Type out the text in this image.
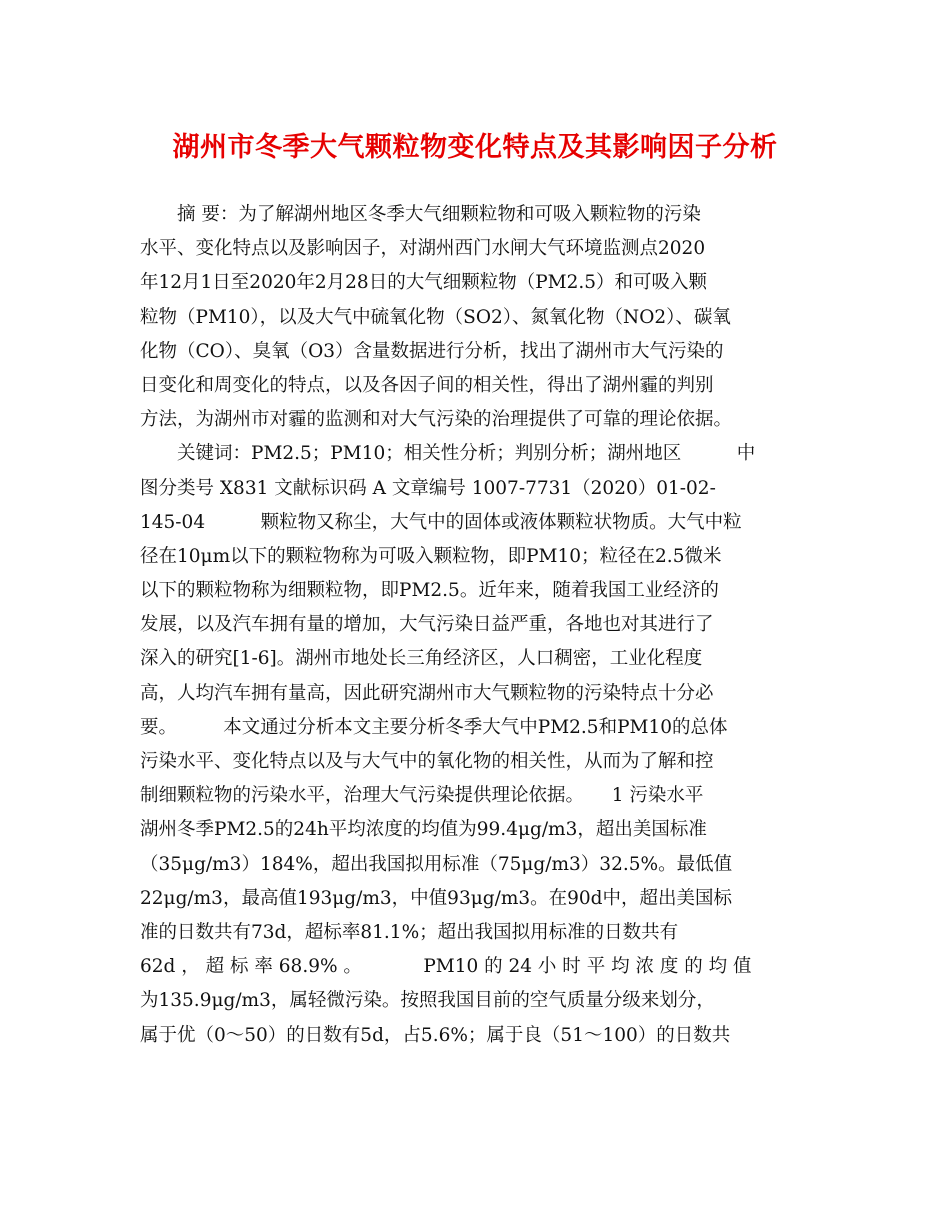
湖州市冬季大气颗粒物变化特点及其影响因子分析
　　摘 要：为了解湖州地区冬季大气细颗粒物和可吸入颗粒物的污染
水平、变化特点以及影响因子，对湖州西门水闸大气环境监测点2020
年12月1日至2020年2月28日的大气细颗粒物（PM2.5）和可吸入颗
粒物（PM10），以及大气中硫氧化物（SO2）、氮氧化物（NO2）、碳氧
化物（CO）、臭氧（O3）含量数据进行分析，找出了湖州市大气污染的
日变化和周变化的特点，以及各因子间的相关性，得出了湖州霾的判别
方法，为湖州市对霾的监测和对大气污染的治理提供了可靠的理论依据。
　　关键词：PM2.5；PM10；相关性分析；判别分析；湖州地区　　　中
图分类号 X831 文献标识码 A 文章编号 1007-7731（2020）01-02-
145-04　　　颗粒物又称尘，大气中的固体或液体颗粒状物质。大气中粒
径在10μm以下的颗粒物称为可吸入颗粒物，即PM10；粒径在2.5微米
以下的颗粒物称为细颗粒物，即PM2.5。近年来，随着我国工业经济的
发展，以及汽车拥有量的增加，大气污染日益严重，各地也对其进行了
深入的研究[1-6]。湖州市地处长三角经济区，人口稠密，工业化程度
高，人均汽车拥有量高，因此研究湖州市大气颗粒物的污染特点十分必
要。　　　本文通过分析本文主要分析冬季大气中PM2.5和PM10的总体
污染水平、变化特点以及与大气中的氧化物的相关性，从而为了解和控
制细颗粒物的污染水平，治理大气污染提供理论依据。　　1 污染水平
湖州冬季PM2.5的24h平均浓度的均值为99.4μg/m3，超出美国标准
（35μg/m3）184%，超出我国拟用标准（75μg/m3）32.5%。最低值
22μg/m3，最高值193μg/m3，中值93μg/m3。在90d中，超出美国标
准的日数共有73d，超标率81.1%；超出我国拟用标准的日数共有
62d ， 超 标 率 68.9% 。 　　　PM10 的 24 小 时 平 均 浓 度 的 均 值
为135.9μg/m3，属轻微污染。按照我国目前的空气质量分级来划分，
属于优（0～50）的日数有5d，占5.6%；属于良（51～100）的日数共
